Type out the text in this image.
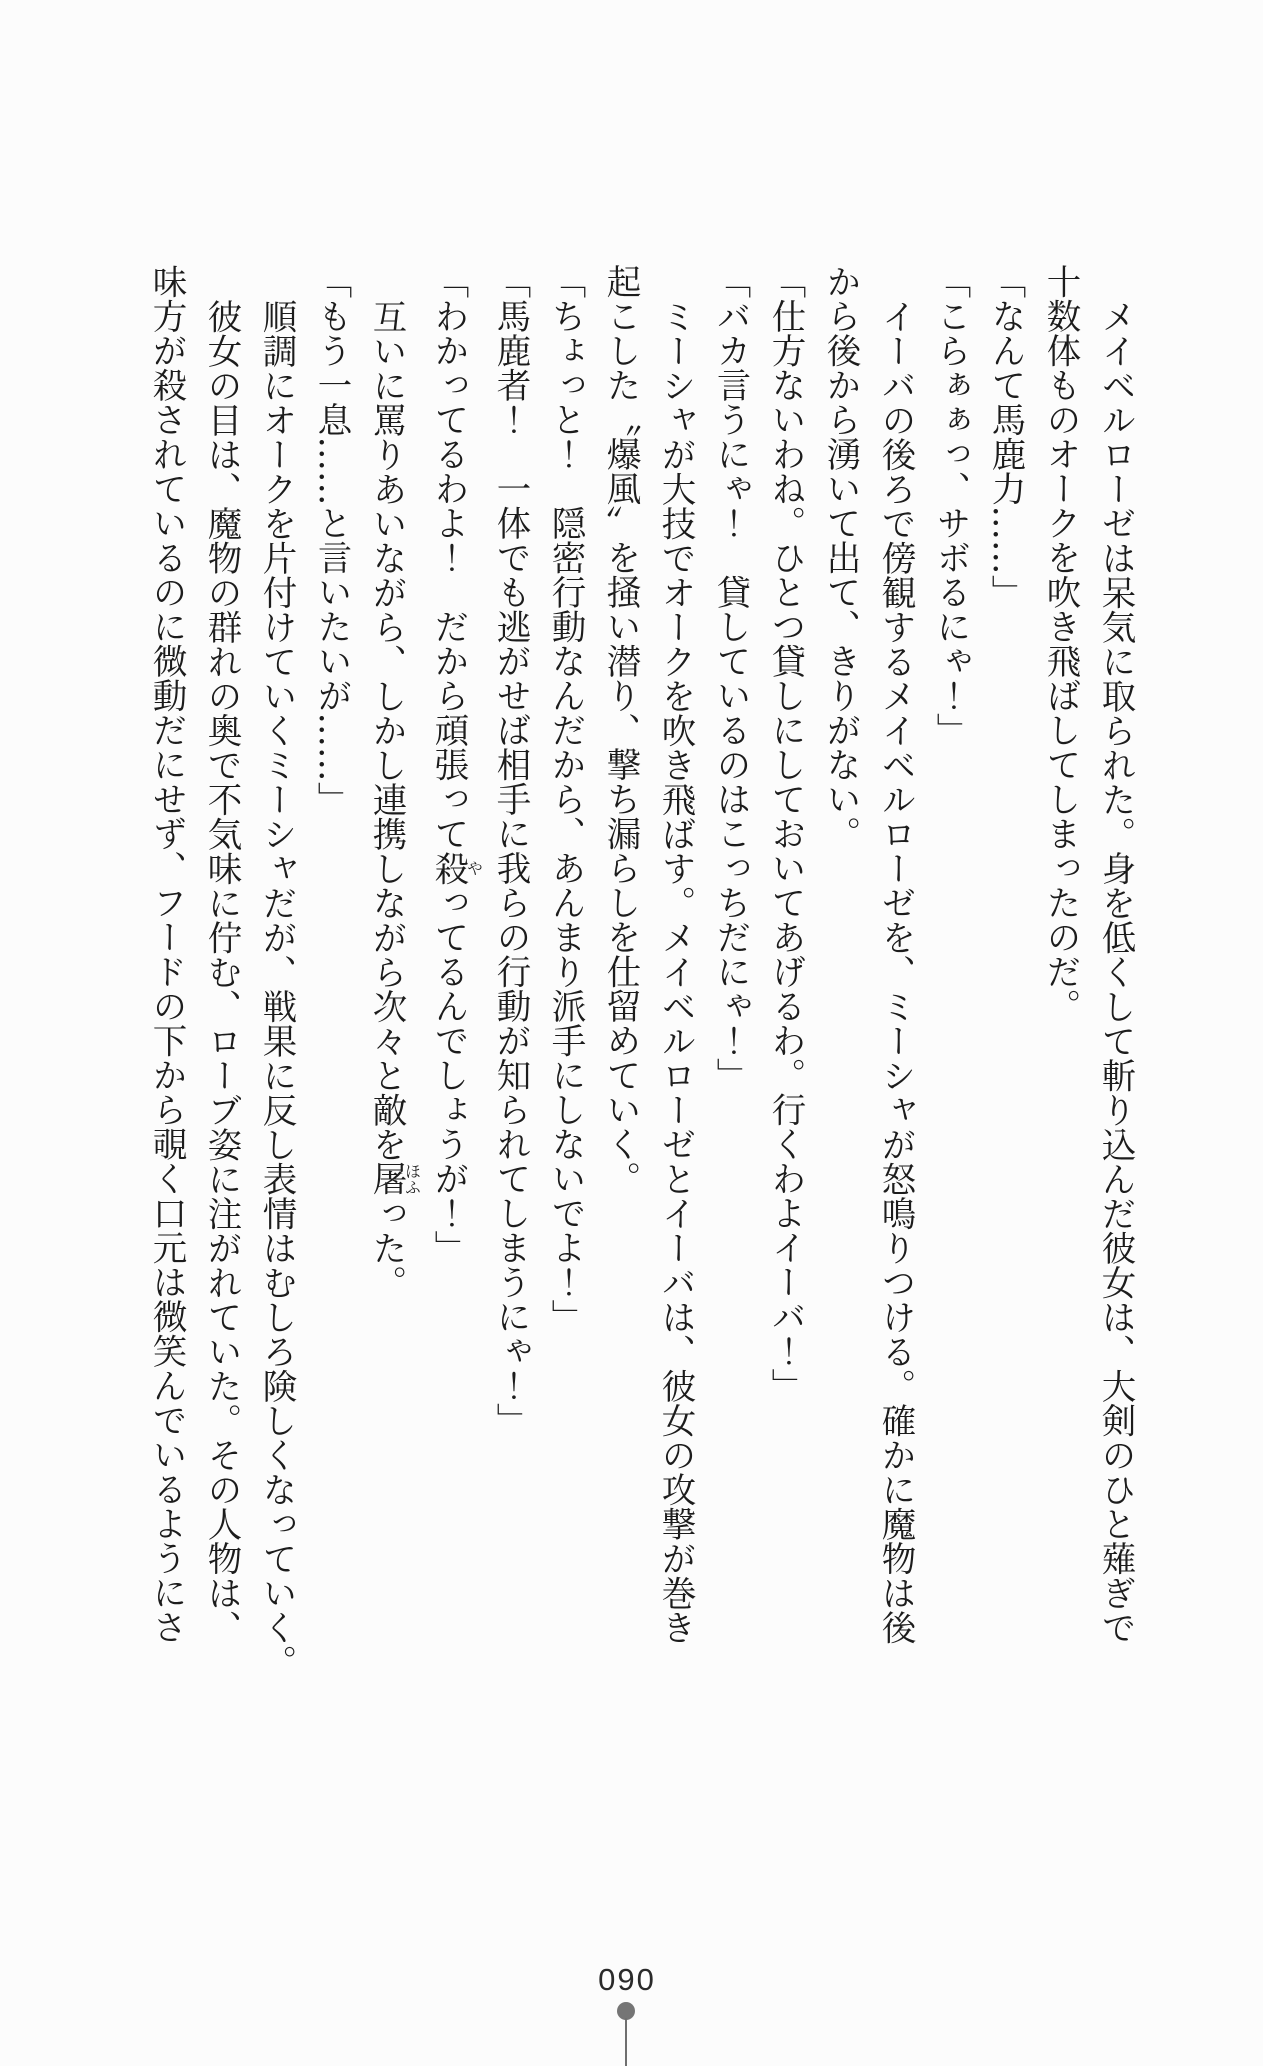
メイベルローゼは呆気に取られた。身を低くして斬り込んだ彼女は、大剣のひと薙ぎで
十数体ものオークを吹き飛ばしてしまったのだ。
「なんて馬鹿力……」
「こらぁぁっ、サボるにゃ！」
イーバの後ろで傍観するメイベルローゼを、ミーシャが怒鳴りつける。確かに魔物は後
から後から湧いて出て、きりがない。
「仕方ないわね。ひとつ貸しにしておいてあげるわ。行くわよイーバ！」
「バカ言うにゃ！　貸しているのはこっちだにゃ！」
ミーシャが大技でオークを吹き飛ばす。メイベルローゼとイーバは、彼女の攻撃が巻き
起こした〝爆風〟を掻い潜り、撃ち漏らしを仕留めていく。
「ちょっと！　隠密行動なんだから、あんまり派手にしないでよ！」
「馬鹿者！　一体でも逃がせば相手に我らの行動が知られてしまうにゃ！」
「わかってるわよ！　だから頑張って殺やってるんでしょうが！」
互いに罵りあいながら、しかし連携しながら次々と敵を屠ほふった。
「もう一息……と言いたいが……」
順調にオークを片付けていくミーシャだが、戦果に反し表情はむしろ険しくなっていく。
彼女の目は、魔物の群れの奥で不気味に佇む、ローブ姿に注がれていた。その人物は、
味方が殺されているのに微動だにせず、フードの下から覗く口元は微笑んでいるようにさ
090
